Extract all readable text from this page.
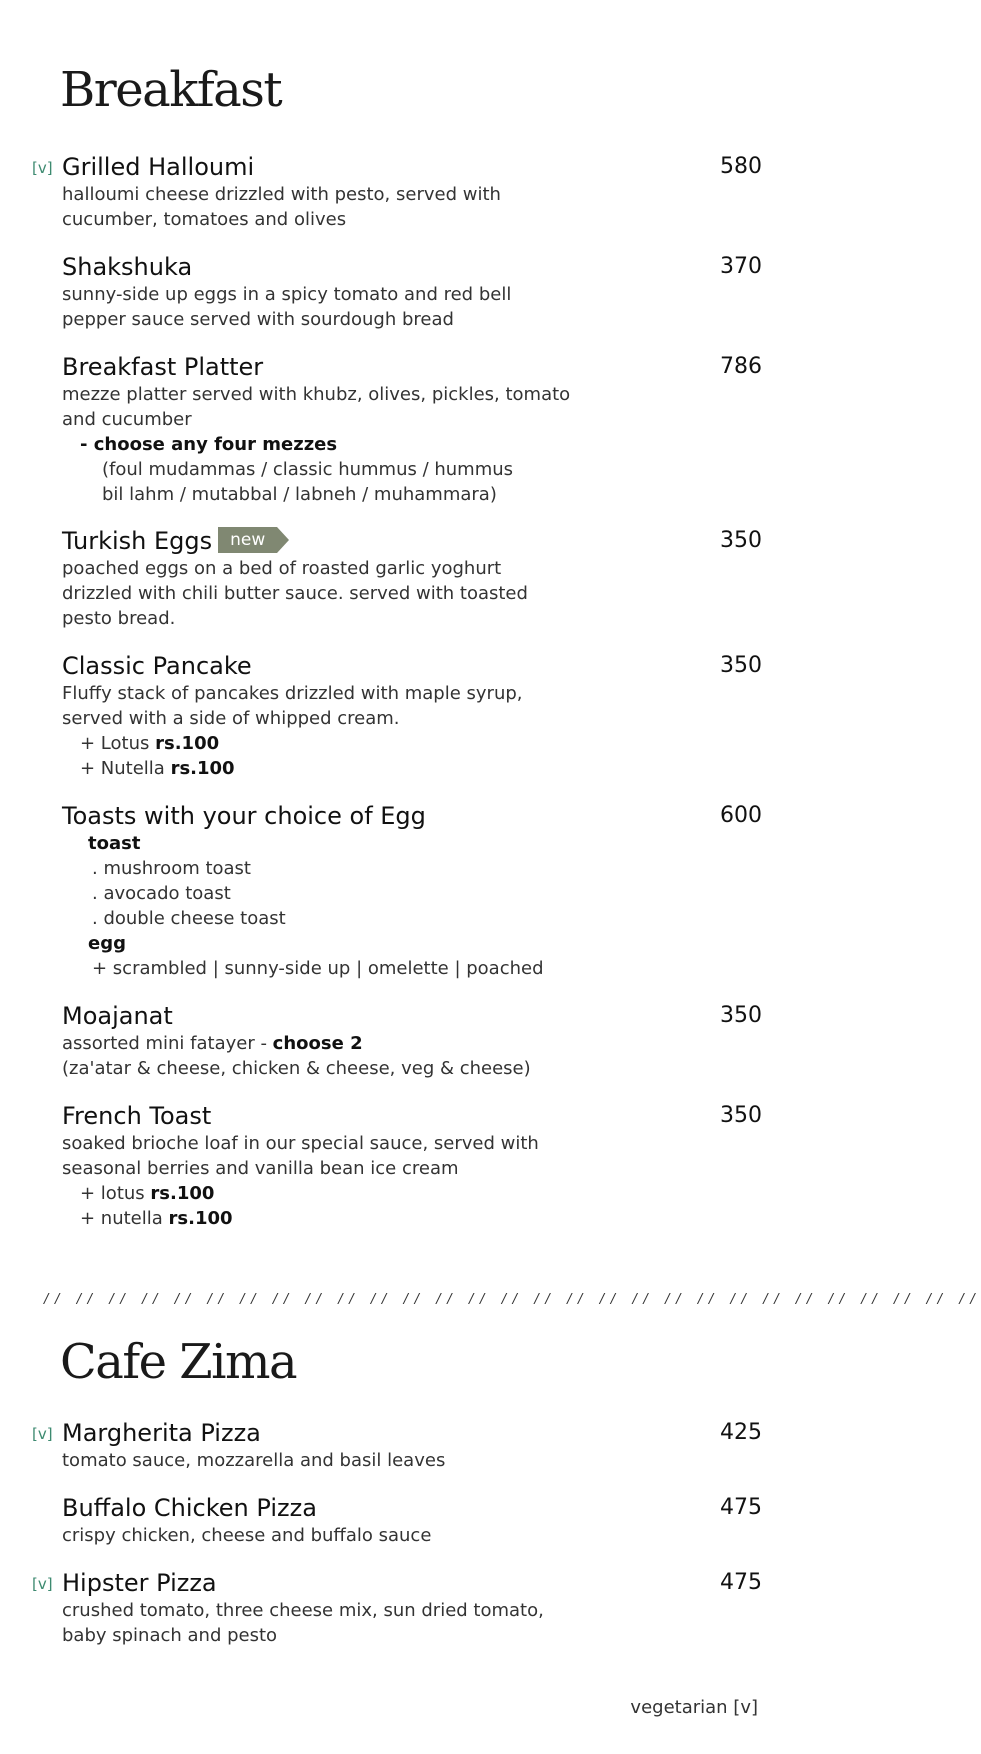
Breakfast
[v] Grilled Halloumi	580
halloumi cheese drizzled with pesto, served with
cucumber, tomatoes and olives
Shakshuka	370
sunny-side up eggs in a spicy tomato and red bell
pepper sauce served with sourdough bread
Breakfast Platter	786
mezze platter served with khubz, olives, pickles, tomato
and cucumber
- choose any four mezzes
(foul mudammas / classic hummus / hummus
bil lahm / mutabbal / labneh / muhammara)
Turkish Eggs new	350
poached eggs on a bed of roasted garlic yoghurt
drizzled with chili butter sauce. served with toasted
pesto bread.
Classic Pancake	350
Fluffy stack of pancakes drizzled with maple syrup,
served with a side of whipped cream.
+ Lotus rs.100
+ Nutella rs.100
Toasts with your choice of Egg	600
toast
. mushroom toast
. avocado toast
. double cheese toast
egg
+ scrambled | sunny-side up | omelette | poached
Moajanat	350
assorted mini fatayer - choose 2
(za'atar & cheese, chicken & cheese, veg & cheese)
French Toast	350
soaked brioche loaf in our special sauce, served with
seasonal berries and vanilla bean ice cream
+ lotus rs.100
+ nutella rs.100
// // // // // // // // // // // // // // // // // // // // // // // // // // // // //
Cafe Zima
[v] Margherita Pizza	425
tomato sauce, mozzarella and basil leaves
Buffalo Chicken Pizza	475
crispy chicken, cheese and buffalo sauce
[v] Hipster Pizza	475
crushed tomato, three cheese mix, sun dried tomato,
baby spinach and pesto
vegetarian [v]
